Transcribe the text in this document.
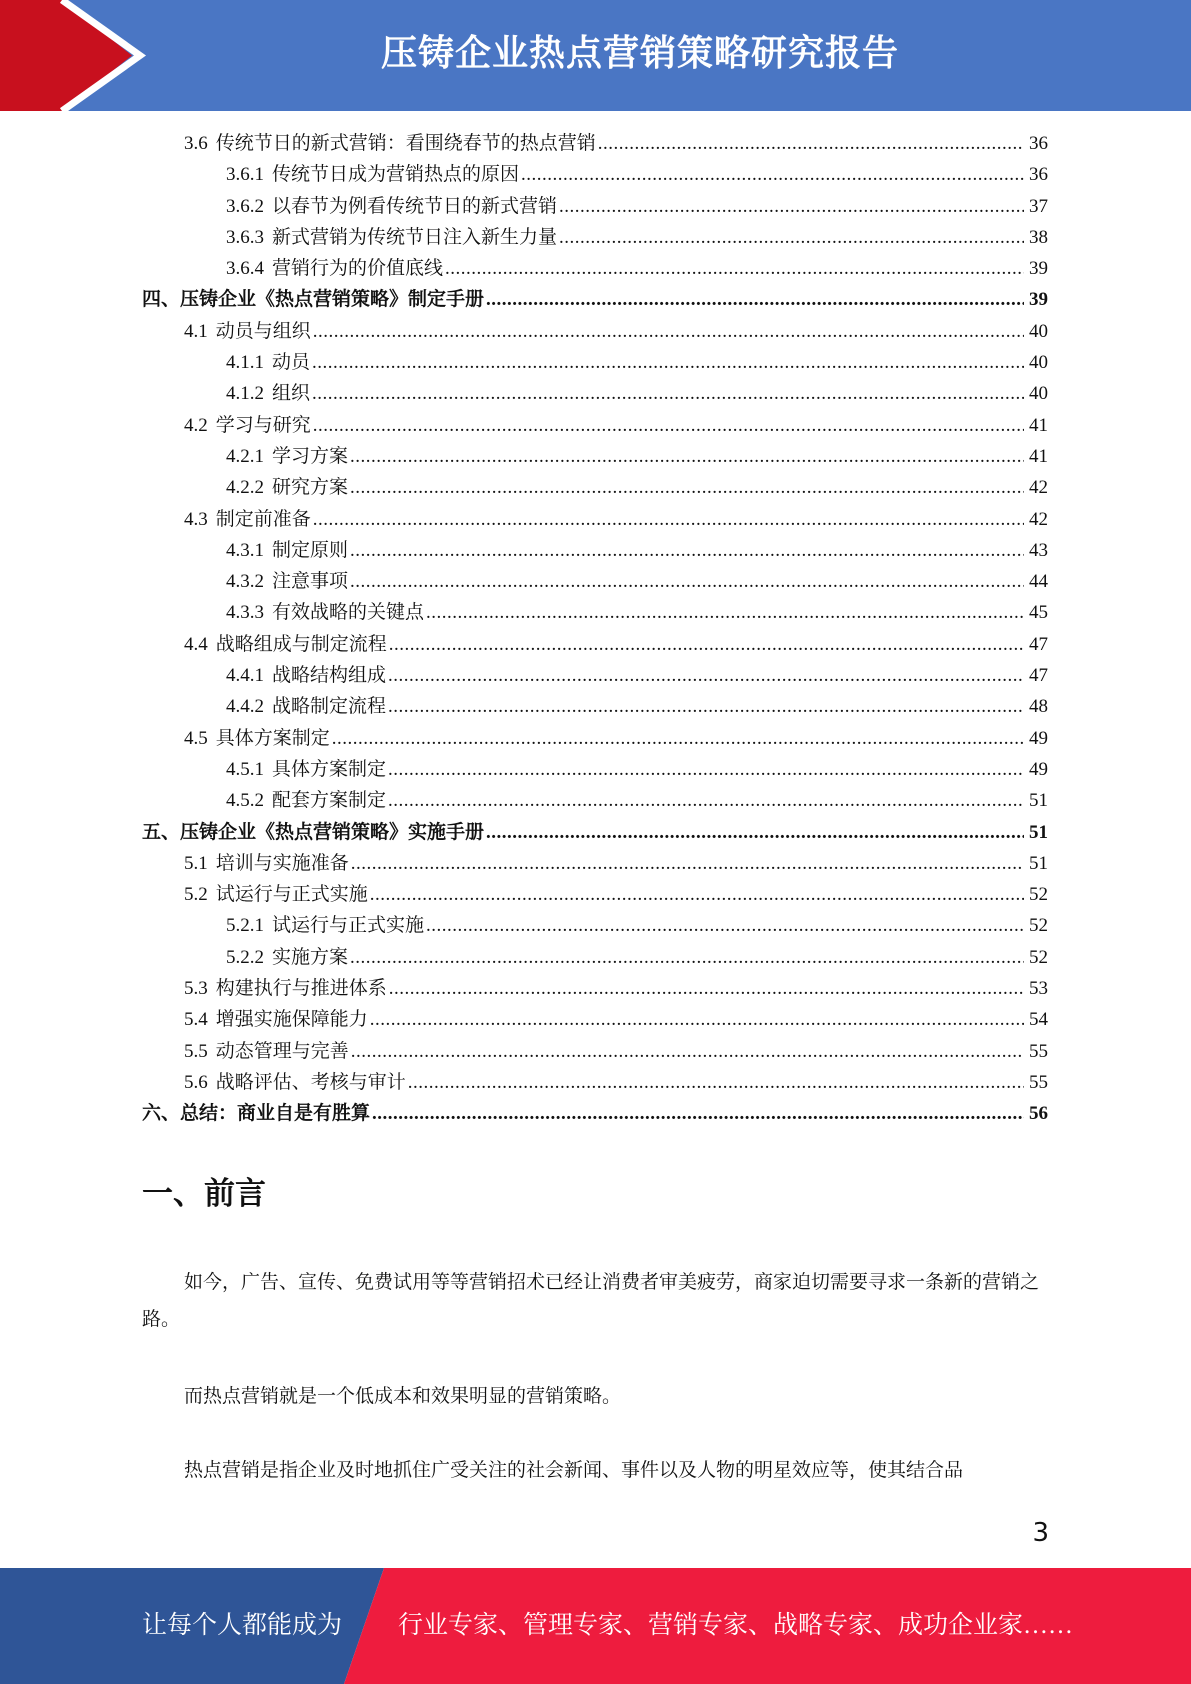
压铸企业热点营销策略研究报告
3.6 传统节日的新式营销：看围绕春节的热点营销 .....	36
3.6.1 传统节日成为营销热点的原因 .....	36
3.6.2 以春节为例看传统节日的新式营销 .....	37
3.6.3 新式营销为传统节日注入新生力量 .....	38
3.6.4 营销行为的价值底线 .....	39
四、压铸企业《热点营销策略》制定手册 .....	39
4.1 动员与组织 .....	40
4.1.1 动员 .....	40
4.1.2 组织 .....	40
4.2 学习与研究 .....	41
4.2.1 学习方案 .....	41
4.2.2 研究方案 .....	42
4.3 制定前准备 .....	42
4.3.1 制定原则 .....	43
4.3.2 注意事项 .....	44
4.3.3 有效战略的关键点 .....	45
4.4 战略组成与制定流程 .....	47
4.4.1 战略结构组成 .....	47
4.4.2 战略制定流程 .....	48
4.5 具体方案制定 .....	49
4.5.1 具体方案制定 .....	49
4.5.2 配套方案制定 .....	51
五、压铸企业《热点营销策略》实施手册 .....	51
5.1 培训与实施准备 .....	51
5.2 试运行与正式实施 .....	52
5.2.1 试运行与正式实施 .....	52
5.2.2 实施方案 .....	52
5.3 构建执行与推进体系 .....	53
5.4 增强实施保障能力 .....	54
5.5 动态管理与完善 .....	55
5.6 战略评估、考核与审计 .....	55
六、总结：商业自是有胜算 .....	56
一、前言

如今，广告、宣传、免费试用等等营销招术已经让消费者审美疲劳，商家迫切需要寻求一条新的营销之路。

而热点营销就是一个低成本和效果明显的营销策略。

热点营销是指企业及时地抓住广受关注的社会新闻、事件以及人物的明星效应等，使其结合品

3
让每个人都能成为 行业专家、管理专家、营销专家、战略专家、成功企业家……
